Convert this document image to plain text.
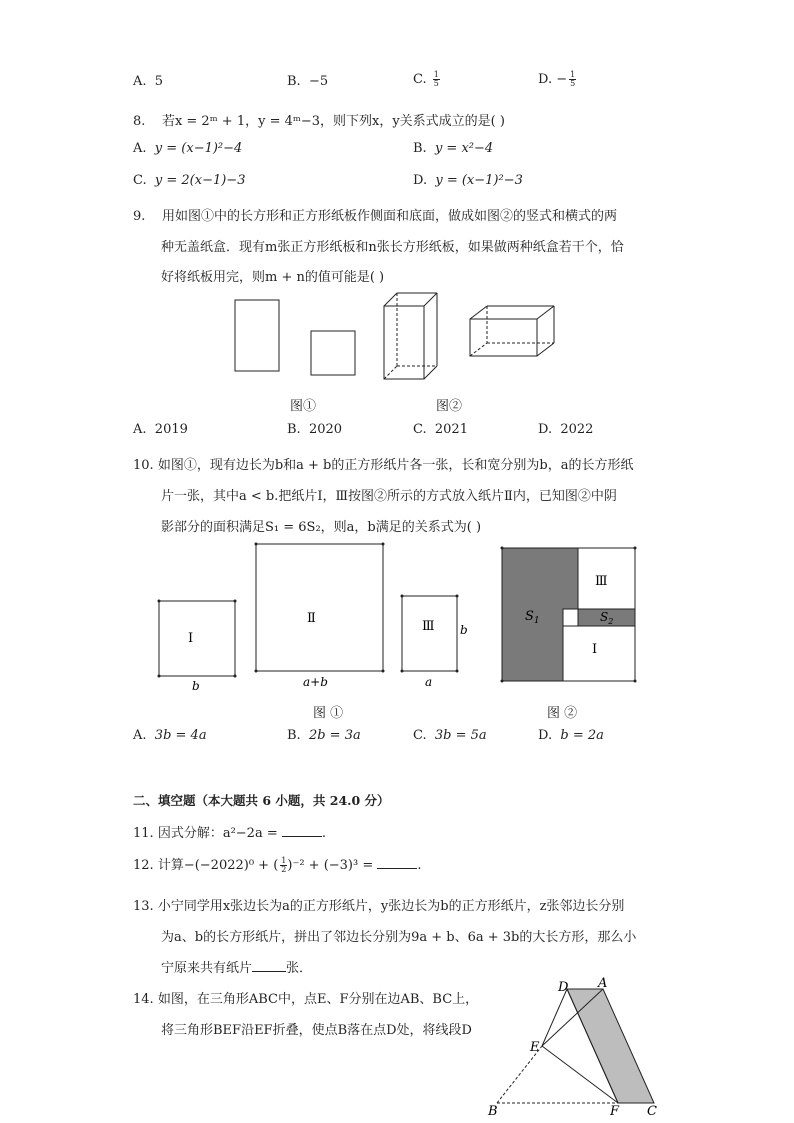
A. 5	B. −5	C. $\frac{1}{5}$	D. − $\frac{1}{5}$
8. 若x = 2ᵐ + 1，y = 4ᵐ−3，则下列x，y关系式成立的是( )
A. y = (x−1)²−4	B. y = x²−4
C. y = 2(x−1)−3	D. y = (x−1)²−3
9. 用如图①中的长方形和正方形纸板作侧面和底面，做成如图②的竖式和横式的两
种无盖纸盒．现有m张正方形纸板和n张长方形纸板，如果做两种纸盒若干个，恰
好将纸板用完，则m + n的值可能是( )
图①	图②
A. 2019	B. 2020	C. 2021	D. 2022
10. 如图①，现有边长为b和a + b的正方形纸片各一张，长和宽分别为b，a的长方形纸
片一张，其中a < b.把纸片Ⅰ，Ⅲ按图②所示的方式放入纸片Ⅱ内，已知图②中阴
影部分的面积满足S₁ = 6S₂，则a，b满足的关系式为( )
Ⅰ
b
Ⅱ
a+b
Ⅲ
a
b
Ⅲ
Ⅰ
$S_1$	$S_2$
图 ①	图 ②
A. 3b = 4a	B. 2b = 3a	C. 3b = 5a	D. b = 2a
二、填空题（本大题共 6 小题，共 24.0 分）
11. 因式分解：a²−2a =	.
12. 计算−(−2022)⁰ + ( $\frac{1}{2} )^{-2} + (-3)^3$ =	.
13. 小宁同学用x张边长为a的正方形纸片，y张边长为b的正方形纸片，z张邻边长分别
为a、b的长方形纸片，拼出了邻边长分别为9a + b、6a + 3b的大长方形，那么小
宁原来共有纸片	张．
14. 如图，在三角形ABC中，点E、F分别在边AB、BC上，
将三角形BEF沿EF折叠，使点B落在点D处，将线段D
D A
E
B	F C
